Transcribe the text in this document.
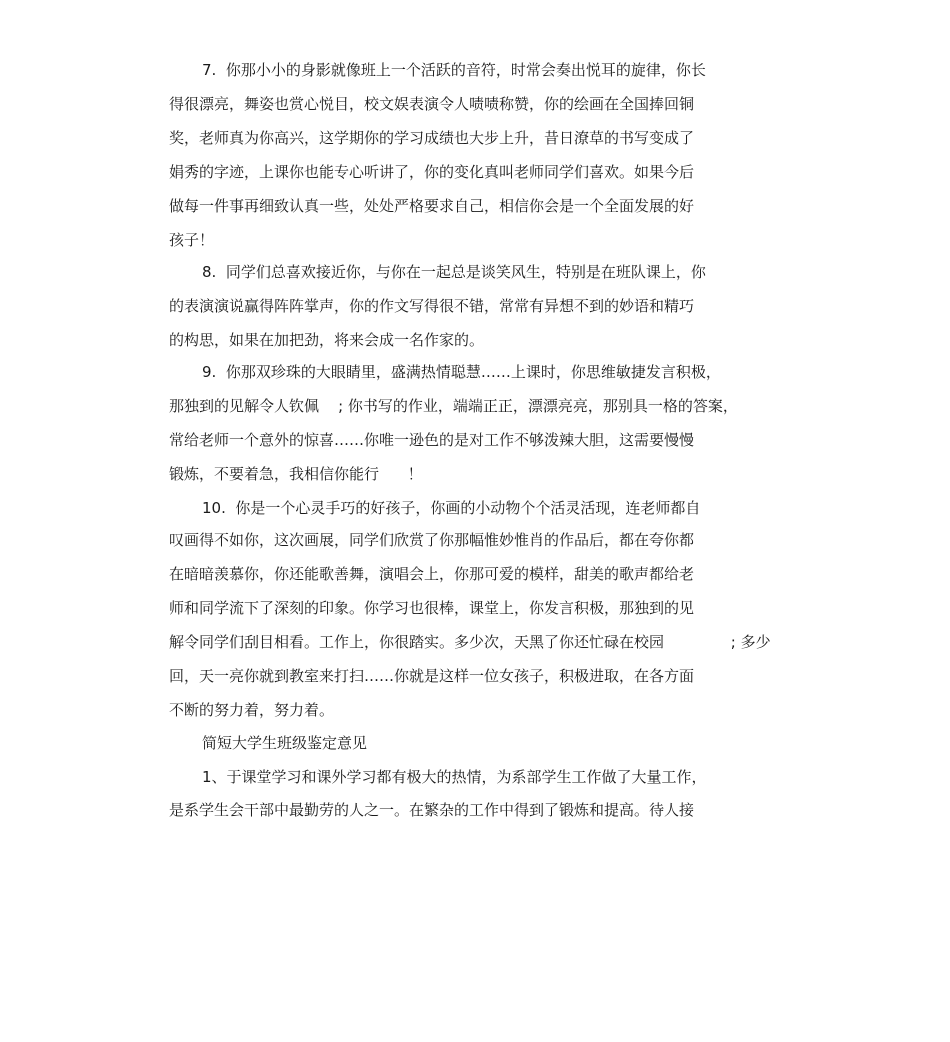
7.  你那小小的身影就像班上一个活跃的音符，时常会奏出悦耳的旋律，你长
得很漂亮，舞姿也赏心悦目，校文娱表演令人啧啧称赞，你的绘画在全国捧回铜
奖，老师真为你高兴，这学期你的学习成绩也大步上升，昔日潦草的书写变成了
娟秀的字迹，上课你也能专心听讲了，你的变化真叫老师同学们喜欢。如果今后
做每一件事再细致认真一些，处处严格要求自己，相信你会是一个全面发展的好
孩子！
8.  同学们总喜欢接近你，与你在一起总是谈笑风生，特别是在班队课上，你
的表演演说赢得阵阵掌声，你的作文写得很不错，常常有异想不到的妙语和精巧
的构思，如果在加把劲，将来会成一名作家的。
9.  你那双珍珠的大眼睛里，盛满热情聪慧……上课时，你思维敏捷发言积极，
那独到的见解令人钦佩    ; 你书写的作业，端端正正，漂漂亮亮，那别具一格的答案，
常给老师一个意外的惊喜……你唯一逊色的是对工作不够泼辣大胆，这需要慢慢
锻炼，不要着急，我相信你能行      ！
10.  你是一个心灵手巧的好孩子，你画的小动物个个活灵活现，连老师都自
叹画得不如你，这次画展，同学们欣赏了你那幅惟妙惟肖的作品后，都在夸你都
在暗暗羡慕你，你还能歌善舞，演唱会上，你那可爱的模样，甜美的歌声都给老
师和同学流下了深刻的印象。你学习也很棒，课堂上，你发言积极，那独到的见
解令同学们刮目相看。工作上，你很踏实。多少次，天黑了你还忙碌在校园              ; 多少
回，天一亮你就到教室来打扫……你就是这样一位女孩子，积极进取，在各方面
不断的努力着，努力着。
简短大学生班级鉴定意见
1、于课堂学习和课外学习都有极大的热情，为系部学生工作做了大量工作，
是系学生会干部中最勤劳的人之一。在繁杂的工作中得到了锻炼和提高。待人接
